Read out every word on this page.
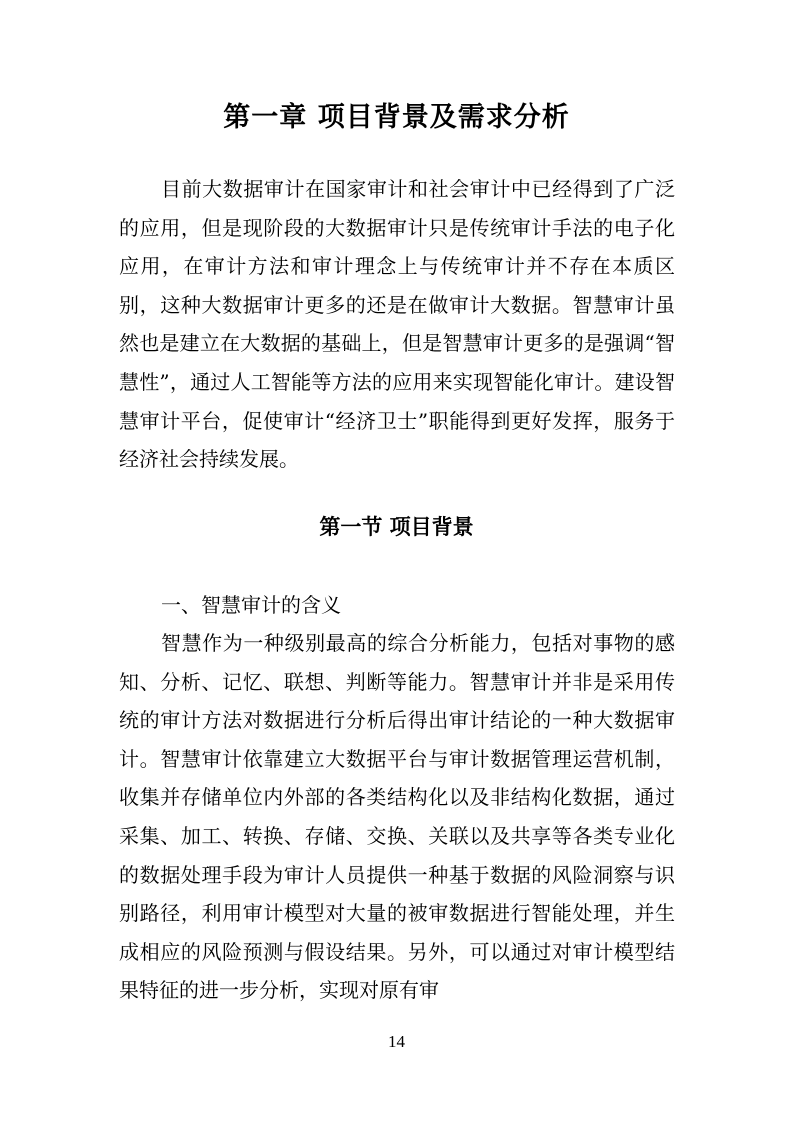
第一章 项目背景及需求分析

目前大数据审计在国家审计和社会审计中已经得到了广泛的应用，但是现阶段的大数据审计只是传统审计手法的电子化应用，在审计方法和审计理念上与传统审计并不存在本质区别，这种大数据审计更多的还是在做审计大数据。智慧审计虽然也是建立在大数据的基础上，但是智慧审计更多的是强调“智慧性”，通过人工智能等方法的应用来实现智能化审计。建设智慧审计平台，促使审计“经济卫士”职能得到更好发挥，服务于经济社会持续发展。

第一节 项目背景

一、智慧审计的含义

智慧作为一种级别最高的综合分析能力，包括对事物的感知、分析、记忆、联想、判断等能力。智慧审计并非是采用传统的审计方法对数据进行分析后得出审计结论的一种大数据审计。智慧审计依靠建立大数据平台与审计数据管理运营机制，收集并存储单位内外部的各类结构化以及非结构化数据，通过采集、加工、转换、存储、交换、关联以及共享等各类专业化的数据处理手段为审计人员提供一种基于数据的风险洞察与识别路径，利用审计模型对大量的被审数据进行智能处理，并生成相应的风险预测与假设结果。另外，可以通过对审计模型结果特征的进一步分析，实现对原有审

14
